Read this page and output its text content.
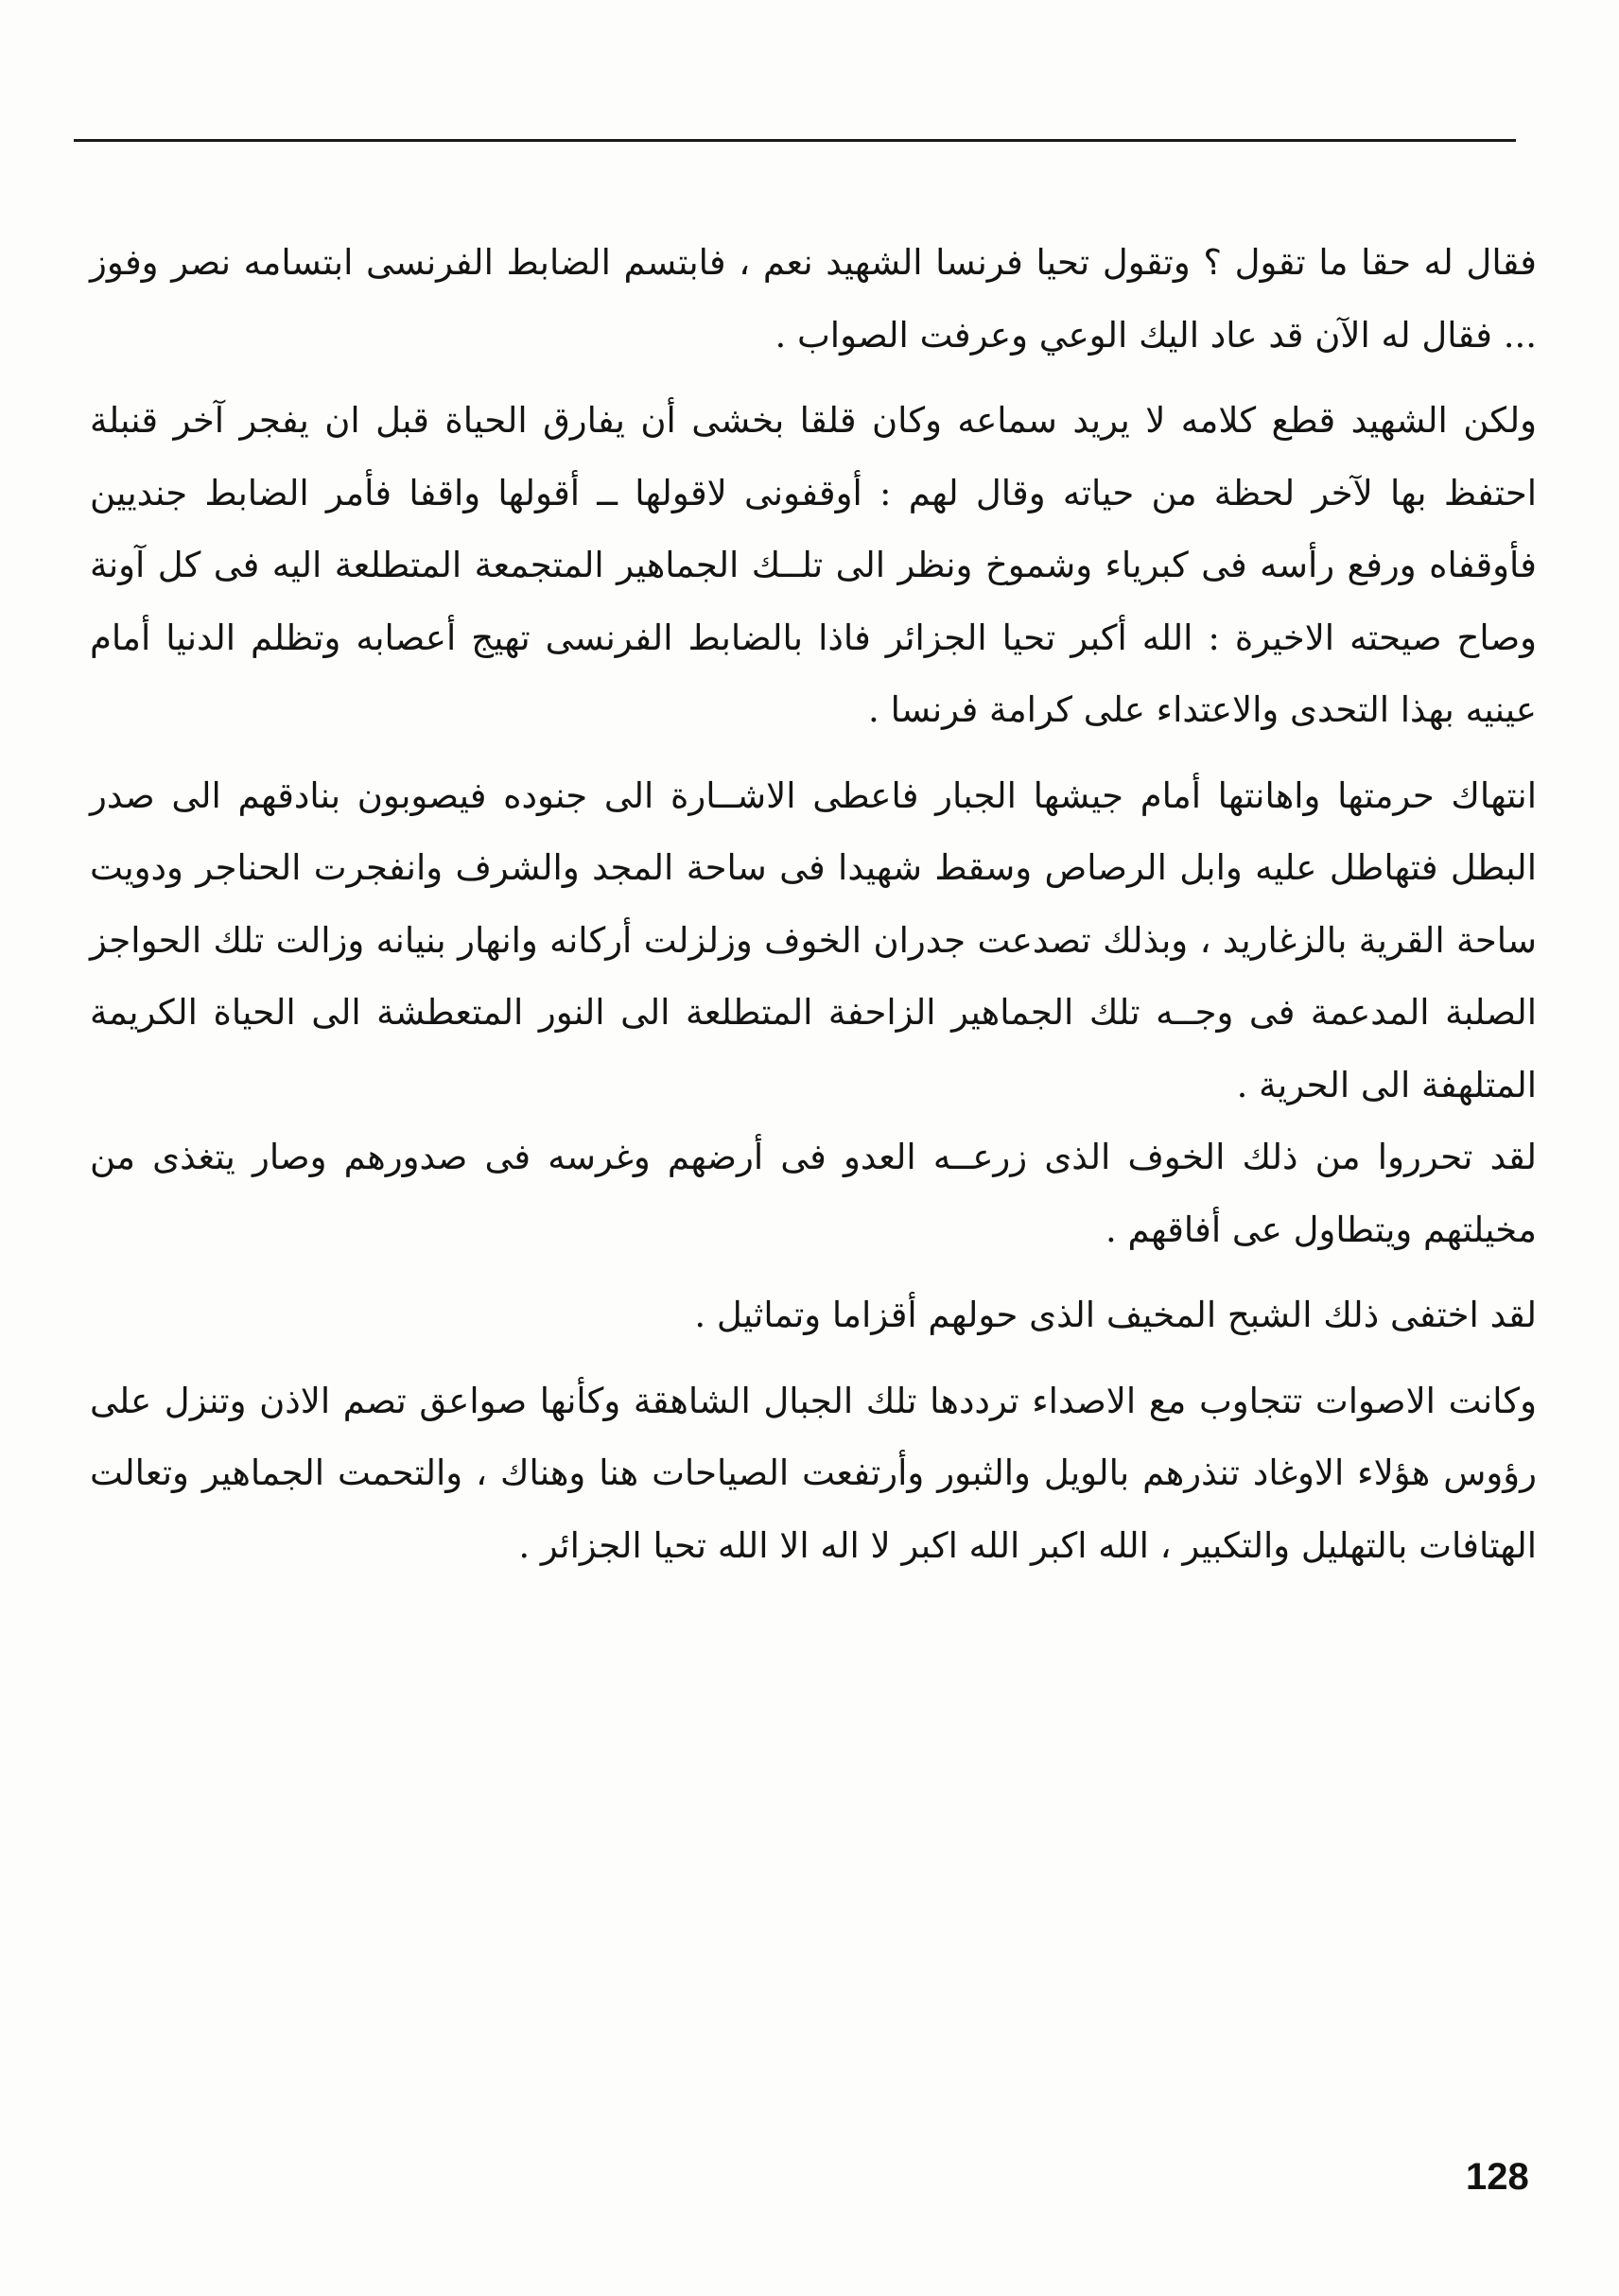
فقال له حقا ما تقول ؟ وتقول تحيا فرنسا الشهيد نعم ، فابتسم الضابط الفرنسى ابتسامه نصر وفوز ... فقال له الآن قد عاد اليك الوعي وعرفت الصواب .

ولكن الشهيد قطع كلامه لا يريد سماعه وكان قلقا بخشى أن يفارق الحياة قبل ان يفجر آخر قنبلة احتفظ بها لآخر لحظة من حياته وقال لهم : أوقفونى لاقولها ــ أقولها واقفا فأمر الضابط جنديين فأوقفاه ورفع رأسه فى كبرياء وشموخ ونظر الى تلــك الجماهير المتجمعة المتطلعة اليه فى كل آونة وصاح صيحته الاخيرة : الله أكبر تحيا الجزائر فاذا بالضابط الفرنسى تهيج أعصابه وتظلم الدنيا أمام عينيه بهذا التحدى والاعتداء على كرامة فرنسا .

انتهاك حرمتها واهانتها أمام جيشها الجبار فاعطى الاشــارة الى جنوده فيصوبون بنادقهم الى صدر البطل فتهاطل عليه وابل الرصاص وسقط شهيدا فى ساحة المجد والشرف وانفجرت الحناجر ودويت ساحة القرية بالزغاريد ، وبذلك تصدعت جدران الخوف وزلزلت أركانه وانهار بنيانه وزالت تلك الحواجز الصلبة المدعمة فى وجــه تلك الجماهير الزاحفة المتطلعة الى النور المتعطشة الى الحياة الكريمة المتلهفة الى الحرية .

لقد تحرروا من ذلك الخوف الذى زرعــه العدو فى أرضهم وغرسه فى صدورهم وصار يتغذى من مخيلتهم ويتطاول عى أفاقهم .

لقد اختفى ذلك الشبح المخيف الذى حولهم أقزاما وتماثيل .

وكانت الاصوات تتجاوب مع الاصداء ترددها تلك الجبال الشاهقة وكأنها صواعق تصم الاذن وتنزل على رؤوس هؤلاء الاوغاد تنذرهم بالويل والثبور وأرتفعت الصياحات هنا وهناك ، والتحمت الجماهير وتعالت الهتافات بالتهليل والتكبير ، الله اكبر الله اكبر لا اله الا الله تحيا الجزائر .

128
